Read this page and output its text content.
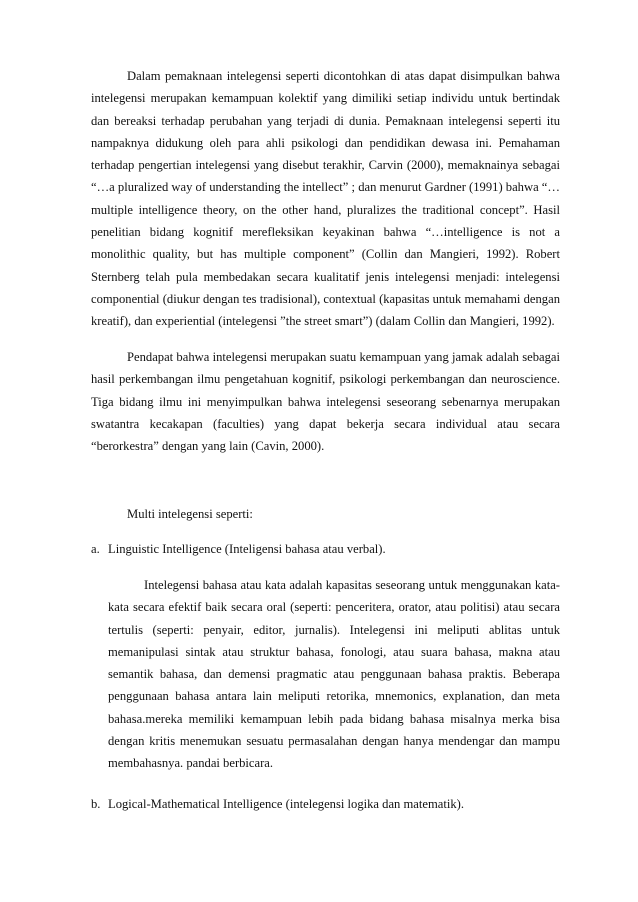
Dalam pemaknaan intelegensi seperti dicontohkan di atas dapat disimpulkan bahwa intelegensi merupakan kemampuan kolektif yang dimiliki setiap individu untuk bertindak dan bereaksi terhadap perubahan yang terjadi di dunia. Pemaknaan intelegensi seperti itu nampaknya didukung oleh para ahli psikologi dan pendidikan dewasa ini. Pemahaman terhadap pengertian intelegensi yang disebut terakhir, Carvin (2000), memaknainya sebagai “…a pluralized way of understanding the intellect” ; dan menurut Gardner (1991) bahwa “…multiple intelligence theory, on the other hand, pluralizes the traditional concept”. Hasil penelitian bidang kognitif merefleksikan keyakinan bahwa “…intelligence is not a monolithic quality, but has multiple component” (Collin dan Mangieri, 1992). Robert Sternberg telah pula membedakan secara kualitatif jenis intelegensi menjadi: intelegensi componential (diukur dengan tes tradisional), contextual (kapasitas untuk memahami dengan kreatif), dan experiential (intelegensi ”the street smart”) (dalam Collin dan Mangieri, 1992).

Pendapat bahwa intelegensi merupakan suatu kemampuan yang jamak adalah sebagai hasil perkembangan ilmu pengetahuan kognitif, psikologi perkembangan dan neuroscience. Tiga bidang ilmu ini menyimpulkan bahwa intelegensi seseorang sebenarnya merupakan swatantra kecakapan (faculties) yang dapat bekerja secara individual atau secara “berorkestra” dengan yang lain (Cavin, 2000).

Multi intelegensi seperti:

a. Linguistic Intelligence (Inteligensi bahasa atau verbal).

Intelegensi bahasa atau kata adalah kapasitas seseorang untuk menggunakan kata-kata secara efektif baik secara oral (seperti: penceritera, orator, atau politisi) atau secara tertulis (seperti: penyair, editor, jurnalis). Intelegensi ini meliputi ablitas untuk memanipulasi sintak atau struktur bahasa, fonologi, atau suara bahasa, makna atau semantik bahasa, dan demensi pragmatic atau penggunaan bahasa praktis. Beberapa penggunaan bahasa antara lain meliputi retorika, mnemonics, explanation, dan meta bahasa.mereka memiliki kemampuan lebih pada bidang bahasa misalnya merka bisa dengan kritis menemukan sesuatu permasalahan dengan hanya mendengar dan mampu membahasnya. pandai berbicara.

b. Logical-Mathematical Intelligence (intelegensi logika dan matematik).
